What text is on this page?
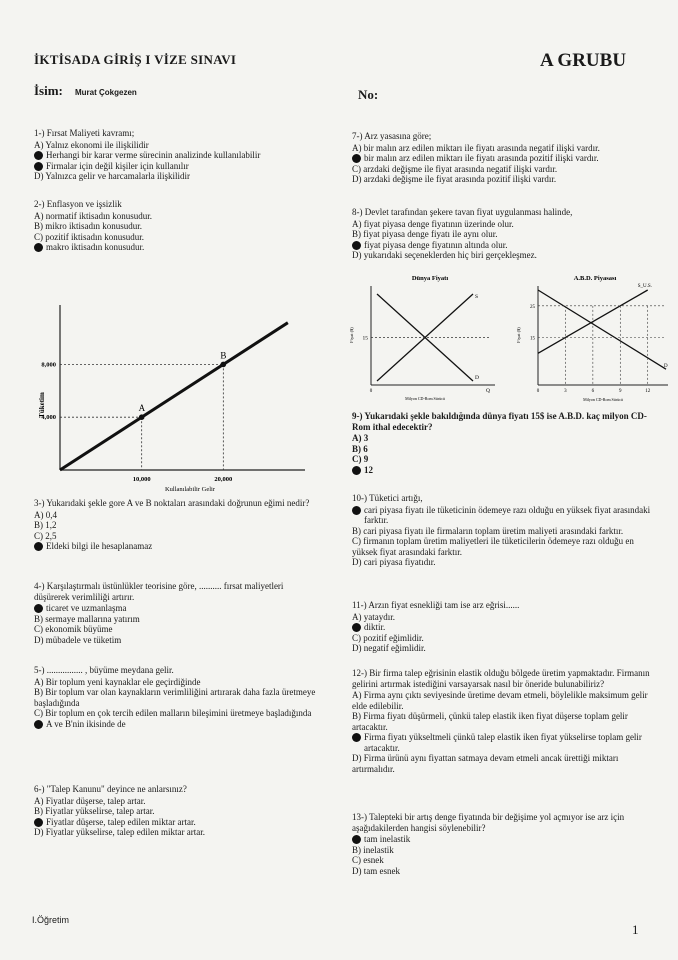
İKTİSADA GİRİŞ I VİZE SINAVI	A GRUBU
İsim: Murat Çokgezen	No:
1-) Fırsat Maliyeti kavramı;
A) Yalnız ekonomi ile ilişkilidir
Herhangi bir karar verme sürecinin analizinde kullanılabilir
Firmalar için değil kişiler için kullanılır
D) Yalnızca gelir ve harcamalarla ilişkilidir
2-) Enflasyon ve işsizlik
A) normatif iktisadın konusudur.
B) mikro iktisadın konusudur.
C) pozitif iktisadın konusudur.
makro iktisadın konusudur.
A
B
4,000
8,000
10,000	20,000
Kullanılabilir Gelir
Tüketim
3-) Yukarıdaki şekle gore A ve B noktaları arasındaki doğrunun eğimi nedir?
A) 0,4
B) 1,2
C) 2,5
Eldeki bilgi ile hesaplanamaz
4-) Karşılaştırmalı üstünlükler teorisine göre, .......... fırsat maliyetleri düşürerek verimliliği artırır.
ticaret ve uzmanlaşma
B) sermaye mallarına yatırım
C) ekonomik büyüme
D) mübadele ve tüketim
5-) ................ , büyüme meydana gelir.
A) Bir toplum yeni kaynaklar ele geçirdiğinde
B) Bir toplum var olan kaynakların verimliliğini artırarak daha fazla üretmeye başladığında
C) Bir toplum en çok tercih edilen malların bileşimini üretmeye başladığında
A ve B'nin ikisinde de
6-) "Talep Kanunu" deyince ne anlarsınız?
A) Fiyatlar düşerse, talep artar.
B) Fiyatlar yükselirse, talep artar.
Fiyatlar düşerse, talep edilen miktar artar.
D) Fiyatlar yükselirse, talep edilen miktar artar.
7-) Arz yasasına göre;
A) bir malın arz edilen miktarı ile fiyatı arasında negatif ilişki vardır.
bir malın arz edilen miktarı ile fiyatı arasında pozitif ilişki vardır.
C) arzdaki değişme ile fiyat arasında negatif ilişki vardır.
D) arzdaki değişme ile fiyat arasında pozitif ilişki vardır.
8-) Devlet tarafından şekere tavan fiyat uygulanması halinde,
A) fiyat piyasa denge fiyatının üzerinde olur.
B) fiyat piyasa denge fiyatı ile aynı olur.
fiyat piyasa denge fiyatının altında olur.
D) yukarıdaki seçeneklerden hiç biri gerçekleşmez.
Dünya Fiyatı
S
D
15
0	Q
Milyon CD-Rom Sürücü
Fiyat ($)
A.B.D. Piyasası
S_U.S.
D
25
15
3	6	9	12
0
Milyon CD-Rom Sürücü
Fiyat ($)
9-) Yukarıdaki şekle bakıldığında dünya fiyatı 15$ ise A.B.D. kaç milyon CD-Rom ithal edecektir?
A) 3
B) 6
C) 9
12
10-) Tüketici artığı,
cari piyasa fiyatı ile tüketicinin ödemeye razı olduğu en yüksek fiyat arasındaki farktır.
B) cari piyasa fiyatı ile firmaların toplam üretim maliyeti arasındaki farktır.
C) firmanın toplam üretim maliyetleri ile tüketicilerin ödemeye razı olduğu en yüksek fiyat arasındaki farktır.
D) cari piyasa fiyatıdır.
11-) Arzın fiyat esnekliği tam ise arz eğrisi......
A) yataydır.
diktir.
C) pozitif eğimlidir.
D) negatif eğimlidir.
12-) Bir firma talep eğrisinin elastik olduğu bölgede üretim yapmaktadır. Firmanın gelirini artırmak istediğini varsayarsak nasıl bir öneride bulunabiliriz?
A) Firma aynı çıktı seviyesinde üretime devam etmeli, böylelikle maksimum gelir elde edilebilir.
B) Firma fiyatı düşürmeli, çünkü talep elastik iken fiyat düşerse toplam gelir artacaktır.
Firma fiyatı yükseltmeli çünkü talep elastik iken fiyat yükselirse toplam gelir artacaktır.
D) Firma ürünü aynı fiyattan satmaya devam etmeli ancak ürettiği miktarı artırmalıdır.
13-) Talepteki bir artış denge fiyatında bir değişime yol açmıyor ise arz için aşağıdakilerden hangisi söylenebilir?
tam inelastik
B) inelastik
C) esnek
D) tam esnek
I.Öğretim
1
